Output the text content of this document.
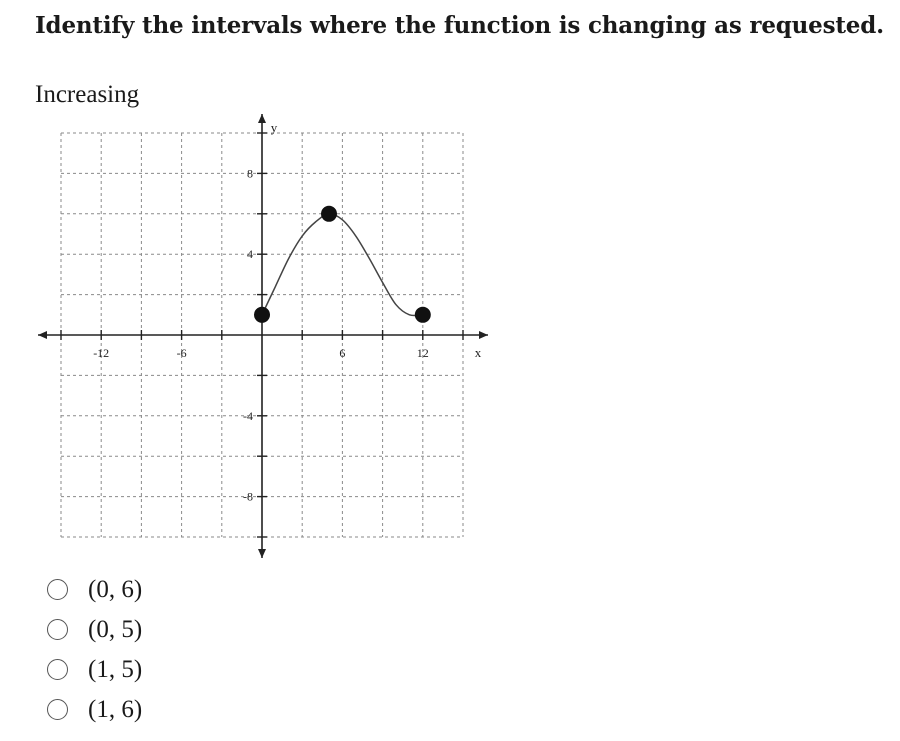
Identify the intervals where the function is changing as requested.
Increasing
-12	-6	6	12
8
4
-4
-8
x
y
(0, 6)
(0, 5)
(1, 5)
(1, 6)
